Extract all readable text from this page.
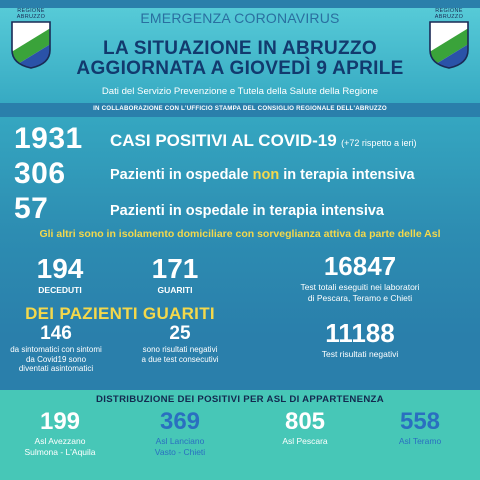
REGIONE
ABRUZZO
REGIONE
ABRUZZO
EMERGENZA CORONAVIRUS
LA SITUAZIONE IN ABRUZZO
AGGIORNATA A GIOVEDÌ 9 APRILE
Dati del Servizio Prevenzione e Tutela della Salute della Regione
IN COLLABORAZIONE CON L'UFFICIO STAMPA DEL CONSIGLIO REGIONALE DELL'ABRUZZO
1931 CASI POSITIVI AL COVID-19 (+72 rispetto a ieri)
306	Pazienti in ospedale non in terapia intensiva
57	Pazienti in ospedale in terapia intensiva
Gli altri sono in isolamento domiciliare con sorveglianza attiva da parte delle Asl
194
DECEDUTI
171
GUARITI
DEI PAZIENTI GUARITI
146
da sintomatici con sintomi
da Covid19 sono
diventati asintomatici
25
sono risultati negativi
a due test consecutivi
16847
Test totali eseguiti nei laboratori
di Pescara, Teramo e Chieti
11188
Test risultati negativi
DISTRIBUZIONE DEI POSITIVI PER ASL DI APPARTENENZA
199
Asl Avezzano
Sulmona - L'Aquila
369
Asl Lanciano
Vasto - Chieti
805
Asl Pescara
558
Asl Teramo
